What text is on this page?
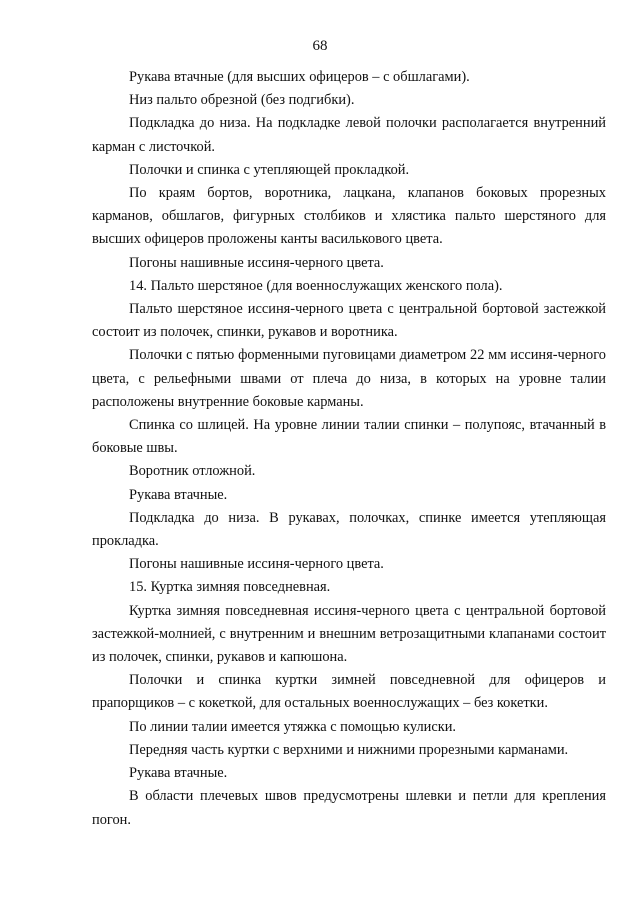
68

Рукава втачные (для высших офицеров – с обшлагами).

Низ пальто обрезной (без подгибки).

Подкладка до низа. На подкладке левой полочки располагается внутренний карман с листочкой.

Полочки и спинка с утепляющей прокладкой.

По краям бортов, воротника, лацкана, клапанов боковых прорезных карманов, обшлагов, фигурных столбиков и хлястика пальто шерстяного для высших офицеров проложены канты василькового цвета.

Погоны нашивные иссиня-черного цвета.

14. Пальто шерстяное (для военнослужащих женского пола).

Пальто шерстяное иссиня-черного цвета с центральной бортовой застежкой состоит из полочек, спинки, рукавов и воротника.

Полочки с пятью форменными пуговицами диаметром 22 мм иссиня-черного цвета, с рельефными швами от плеча до низа, в которых на уровне талии расположены внутренние боковые карманы.

Спинка со шлицей. На уровне линии талии спинки – полупояс, втачанный в боковые швы.

Воротник отложной.

Рукава втачные.

Подкладка до низа. В рукавах, полочках, спинке имеется утепляющая прокладка.

Погоны нашивные иссиня-черного цвета.

15. Куртка зимняя повседневная.

Куртка зимняя повседневная иссиня-черного цвета с центральной бортовой застежкой-молнией, с внутренним и внешним ветрозащитными клапанами состоит из полочек, спинки, рукавов и капюшона.

Полочки и спинка куртки зимней повседневной для офицеров и прапорщиков – с кокеткой, для остальных военнослужащих – без кокетки.

По линии талии имеется утяжка с помощью кулиски.

Передняя часть куртки с верхними и нижними прорезными карманами.

Рукава втачные.

В области плечевых швов предусмотрены шлевки и петли для крепления погон.
